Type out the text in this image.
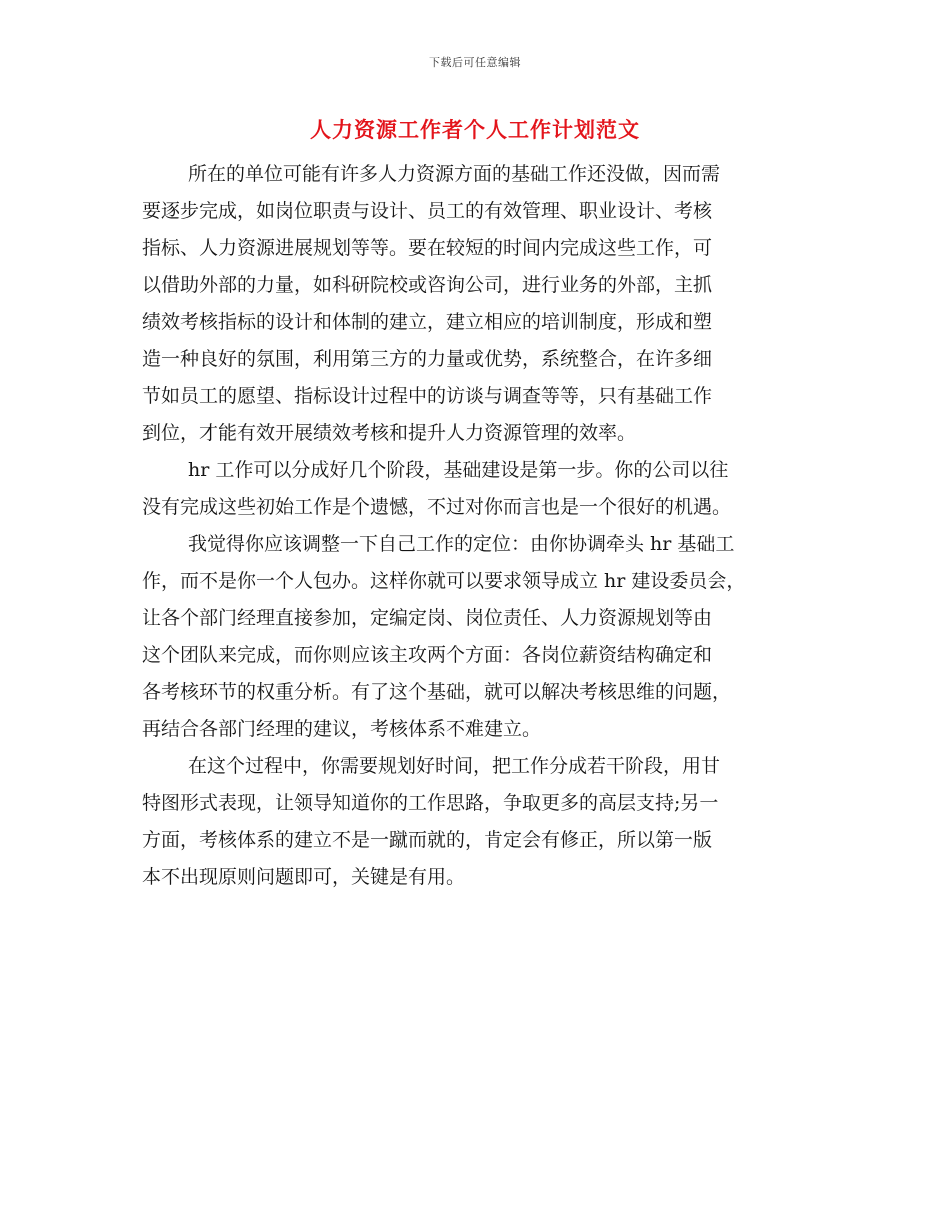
下载后可任意编辑
人力资源工作者个人工作计划范文
所在的单位可能有许多人力资源方面的基础工作还没做，因而需
要逐步完成，如岗位职责与设计、员工的有效管理、职业设计、考核
指标、人力资源进展规划等等。要在较短的时间内完成这些工作，可
以借助外部的力量，如科研院校或咨询公司，进行业务的外部，主抓
绩效考核指标的设计和体制的建立，建立相应的培训制度，形成和塑
造一种良好的氛围，利用第三方的力量或优势，系统整合，在许多细
节如员工的愿望、指标设计过程中的访谈与调查等等，只有基础工作
到位，才能有效开展绩效考核和提升人力资源管理的效率。
hr 工作可以分成好几个阶段，基础建设是第一步。你的公司以往
没有完成这些初始工作是个遗憾，不过对你而言也是一个很好的机遇。
我觉得你应该调整一下自己工作的定位：由你协调牵头 hr 基础工
作，而不是你一个人包办。这样你就可以要求领导成立 hr 建设委员会，
让各个部门经理直接参加，定编定岗、岗位责任、人力资源规划等由
这个团队来完成，而你则应该主攻两个方面：各岗位薪资结构确定和
各考核环节的权重分析。有了这个基础，就可以解决考核思维的问题，
再结合各部门经理的建议，考核体系不难建立。
在这个过程中，你需要规划好时间，把工作分成若干阶段，用甘
特图形式表现，让领导知道你的工作思路，争取更多的高层支持;另一
方面，考核体系的建立不是一蹴而就的，肯定会有修正，所以第一版
本不出现原则问题即可，关键是有用。
